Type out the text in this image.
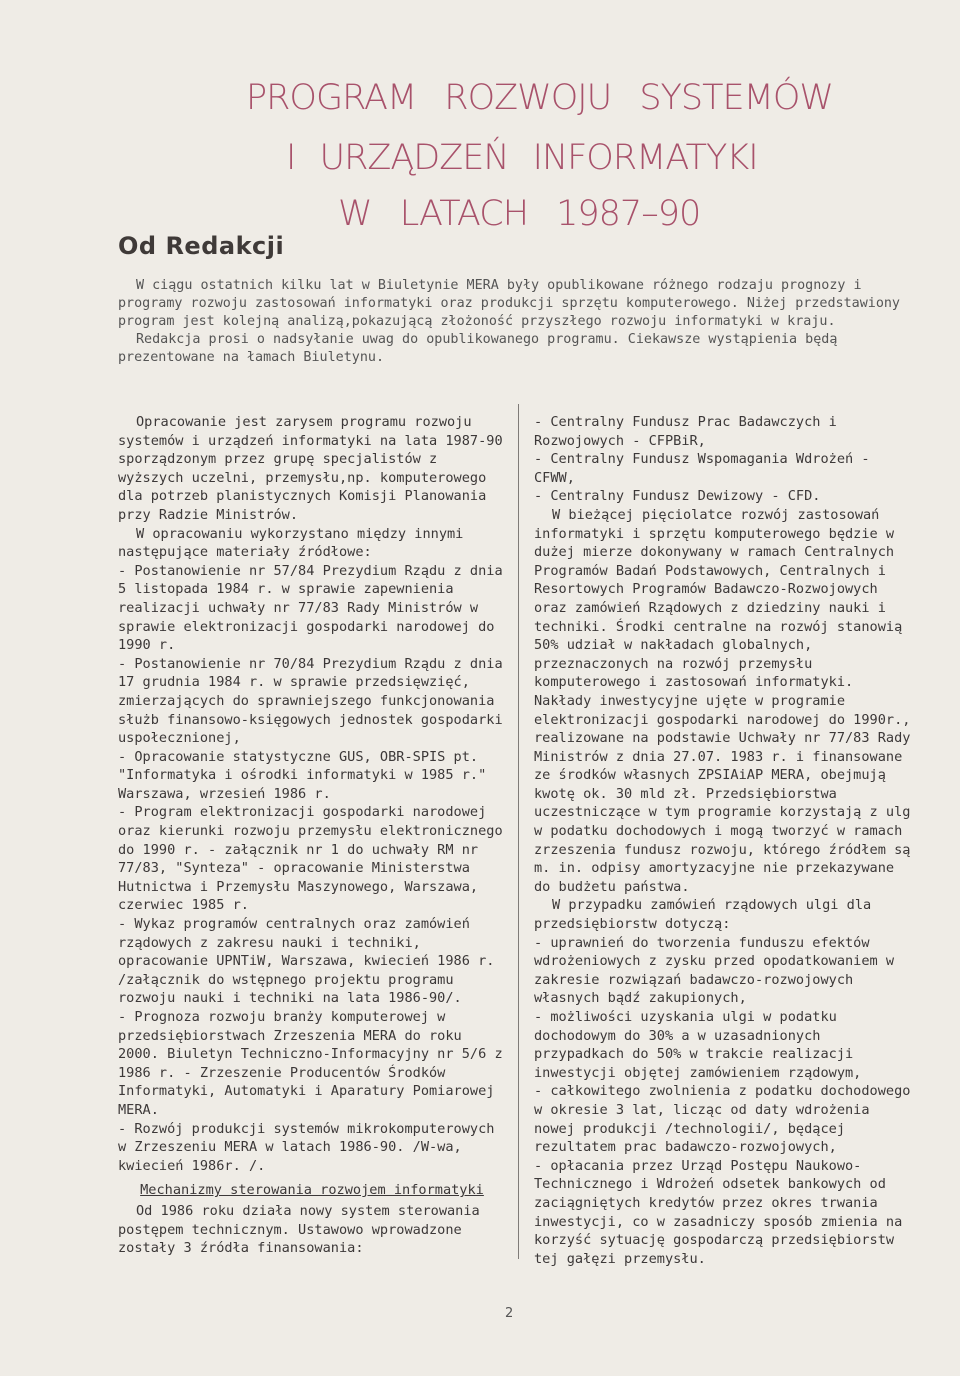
PROGRAM ROZWOJU SYSTEMÓW
I URZĄDZEŃ INFORMATYKI
W LATACH 1987–90
Od Redakcji

W ciągu ostatnich kilku lat w Biuletynie MERA były opublikowane różnego rodzaju prognozy i programy rozwoju zastosowań informatyki oraz produkcji sprzętu komputerowego. Niżej przedstawiony program jest kolejną analizą,pokazującą złożoność przyszłego rozwoju informatyki w kraju.

Redakcja prosi o nadsyłanie uwag do opublikowanego programu. Ciekawsze wystąpienia będą prezentowane na łamach Biuletynu.

Opracowanie jest zarysem programu rozwoju systemów i urządzeń informatyki na lata 1987-90 sporządzonym przez grupę specjalistów z wyższych uczelni, przemysłu,np. komputerowego dla potrzeb planistycznych Komisji Planowania przy Radzie Ministrów.

W opracowaniu wykorzystano między innymi następujące materiały źródłowe:

- Postanowienie nr 57/84 Prezydium Rządu z dnia 5 listopada 1984 r. w sprawie zapewnienia realizacji uchwały nr 77/83 Rady Ministrów w sprawie elektronizacji gospodarki narodowej do 1990 r.

- Postanowienie nr 70/84 Prezydium Rządu z dnia 17 grudnia 1984 r. w sprawie przedsięwzięć, zmierzających do sprawniejszego funkcjonowania służb finansowo-księgowych jednostek gospodarki uspołecznionej,

- Opracowanie statystyczne GUS, OBR-SPIS pt. "Informatyka i ośrodki informatyki w 1985 r." Warszawa, wrzesień 1986 r.

- Program elektronizacji gospodarki narodowej oraz kierunki rozwoju przemysłu elektronicznego do 1990 r. - załącznik nr 1 do uchwały RM nr 77/83, "Synteza" - opracowanie Ministerstwa Hutnictwa i Przemysłu Maszynowego, Warszawa, czerwiec 1985 r.

- Wykaz programów centralnych oraz zamówień rządowych z zakresu nauki i techniki, opracowanie UPNTiW, Warszawa, kwiecień 1986 r. /załącznik do wstępnego projektu programu rozwoju nauki i techniki na lata 1986-90/.

- Prognoza rozwoju branży komputerowej w przedsiębiorstwach Zrzeszenia MERA do roku 2000. Biuletyn Techniczno-Informacyjny nr 5/6 z 1986 r. - Zrzeszenie Producentów Środków Informatyki, Automatyki i Aparatury Pomiarowej MERA.

- Rozwój produkcji systemów mikrokomputerowych w Zrzeszeniu MERA w latach 1986-90. /W-wa, kwiecień 1986r. /.

Mechanizmy sterowania rozwojem informatyki

Od 1986 roku działa nowy system sterowania postępem technicznym. Ustawowo wprowadzone zostały 3 źródła finansowania:

- Centralny Fundusz Prac Badawczych i Rozwojowych - CFPBiR,

- Centralny Fundusz Wspomagania Wdrożeń - CFWW,

- Centralny Fundusz Dewizowy - CFD.

W bieżącej pięciolatce rozwój zastosowań informatyki i sprzętu komputerowego będzie w dużej mierze dokonywany w ramach Centralnych Programów Badań Podstawowych, Centralnych i Resortowych Programów Badawczo-Rozwojowych oraz zamówień Rządowych z dziedziny nauki i techniki. Środki centralne na rozwój stanowią 50% udział w nakładach globalnych, przeznaczonych na rozwój przemysłu komputerowego i zastosowań informatyki. Nakłady inwestycyjne ujęte w programie elektronizacji gospodarki narodowej do 1990r., realizowane na podstawie Uchwały nr 77/83 Rady Ministrów z dnia 27.07. 1983 r. i finansowane ze środków własnych ZPSIAiAP MERA, obejmują kwotę ok. 30 mld zł. Przedsiębiorstwa uczestniczące w tym programie korzystają z ulg w podatku dochodowych i mogą tworzyć w ramach zrzeszenia fundusz rozwoju, którego źródłem są m. in. odpisy amortyzacyjne nie przekazywane do budżetu państwa.

W przypadku zamówień rządowych ulgi dla przedsiębiorstw dotyczą:

- uprawnień do tworzenia funduszu efektów wdrożeniowych z zysku przed opodatkowaniem w zakresie rozwiązań badawczo-rozwojowych własnych bądź zakupionych,

- możliwości uzyskania ulgi w podatku dochodowym do 30% a w uzasadnionych przypadkach do 50% w trakcie realizacji inwestycji objętej zamówieniem rządowym,

- całkowitego zwolnienia z podatku dochodowego w okresie 3 lat, licząc od daty wdrożenia nowej produkcji /technologii/, będącej rezultatem prac badawczo-rozwojowych,

- opłacania przez Urząd Postępu Naukowo-Technicznego i Wdrożeń odsetek bankowych od zaciągniętych kredytów przez okres trwania inwestycji, co w zasadniczy sposób zmienia na korzyść sytuację gospodarczą przedsiębiorstw tej gałęzi przemysłu.

2
